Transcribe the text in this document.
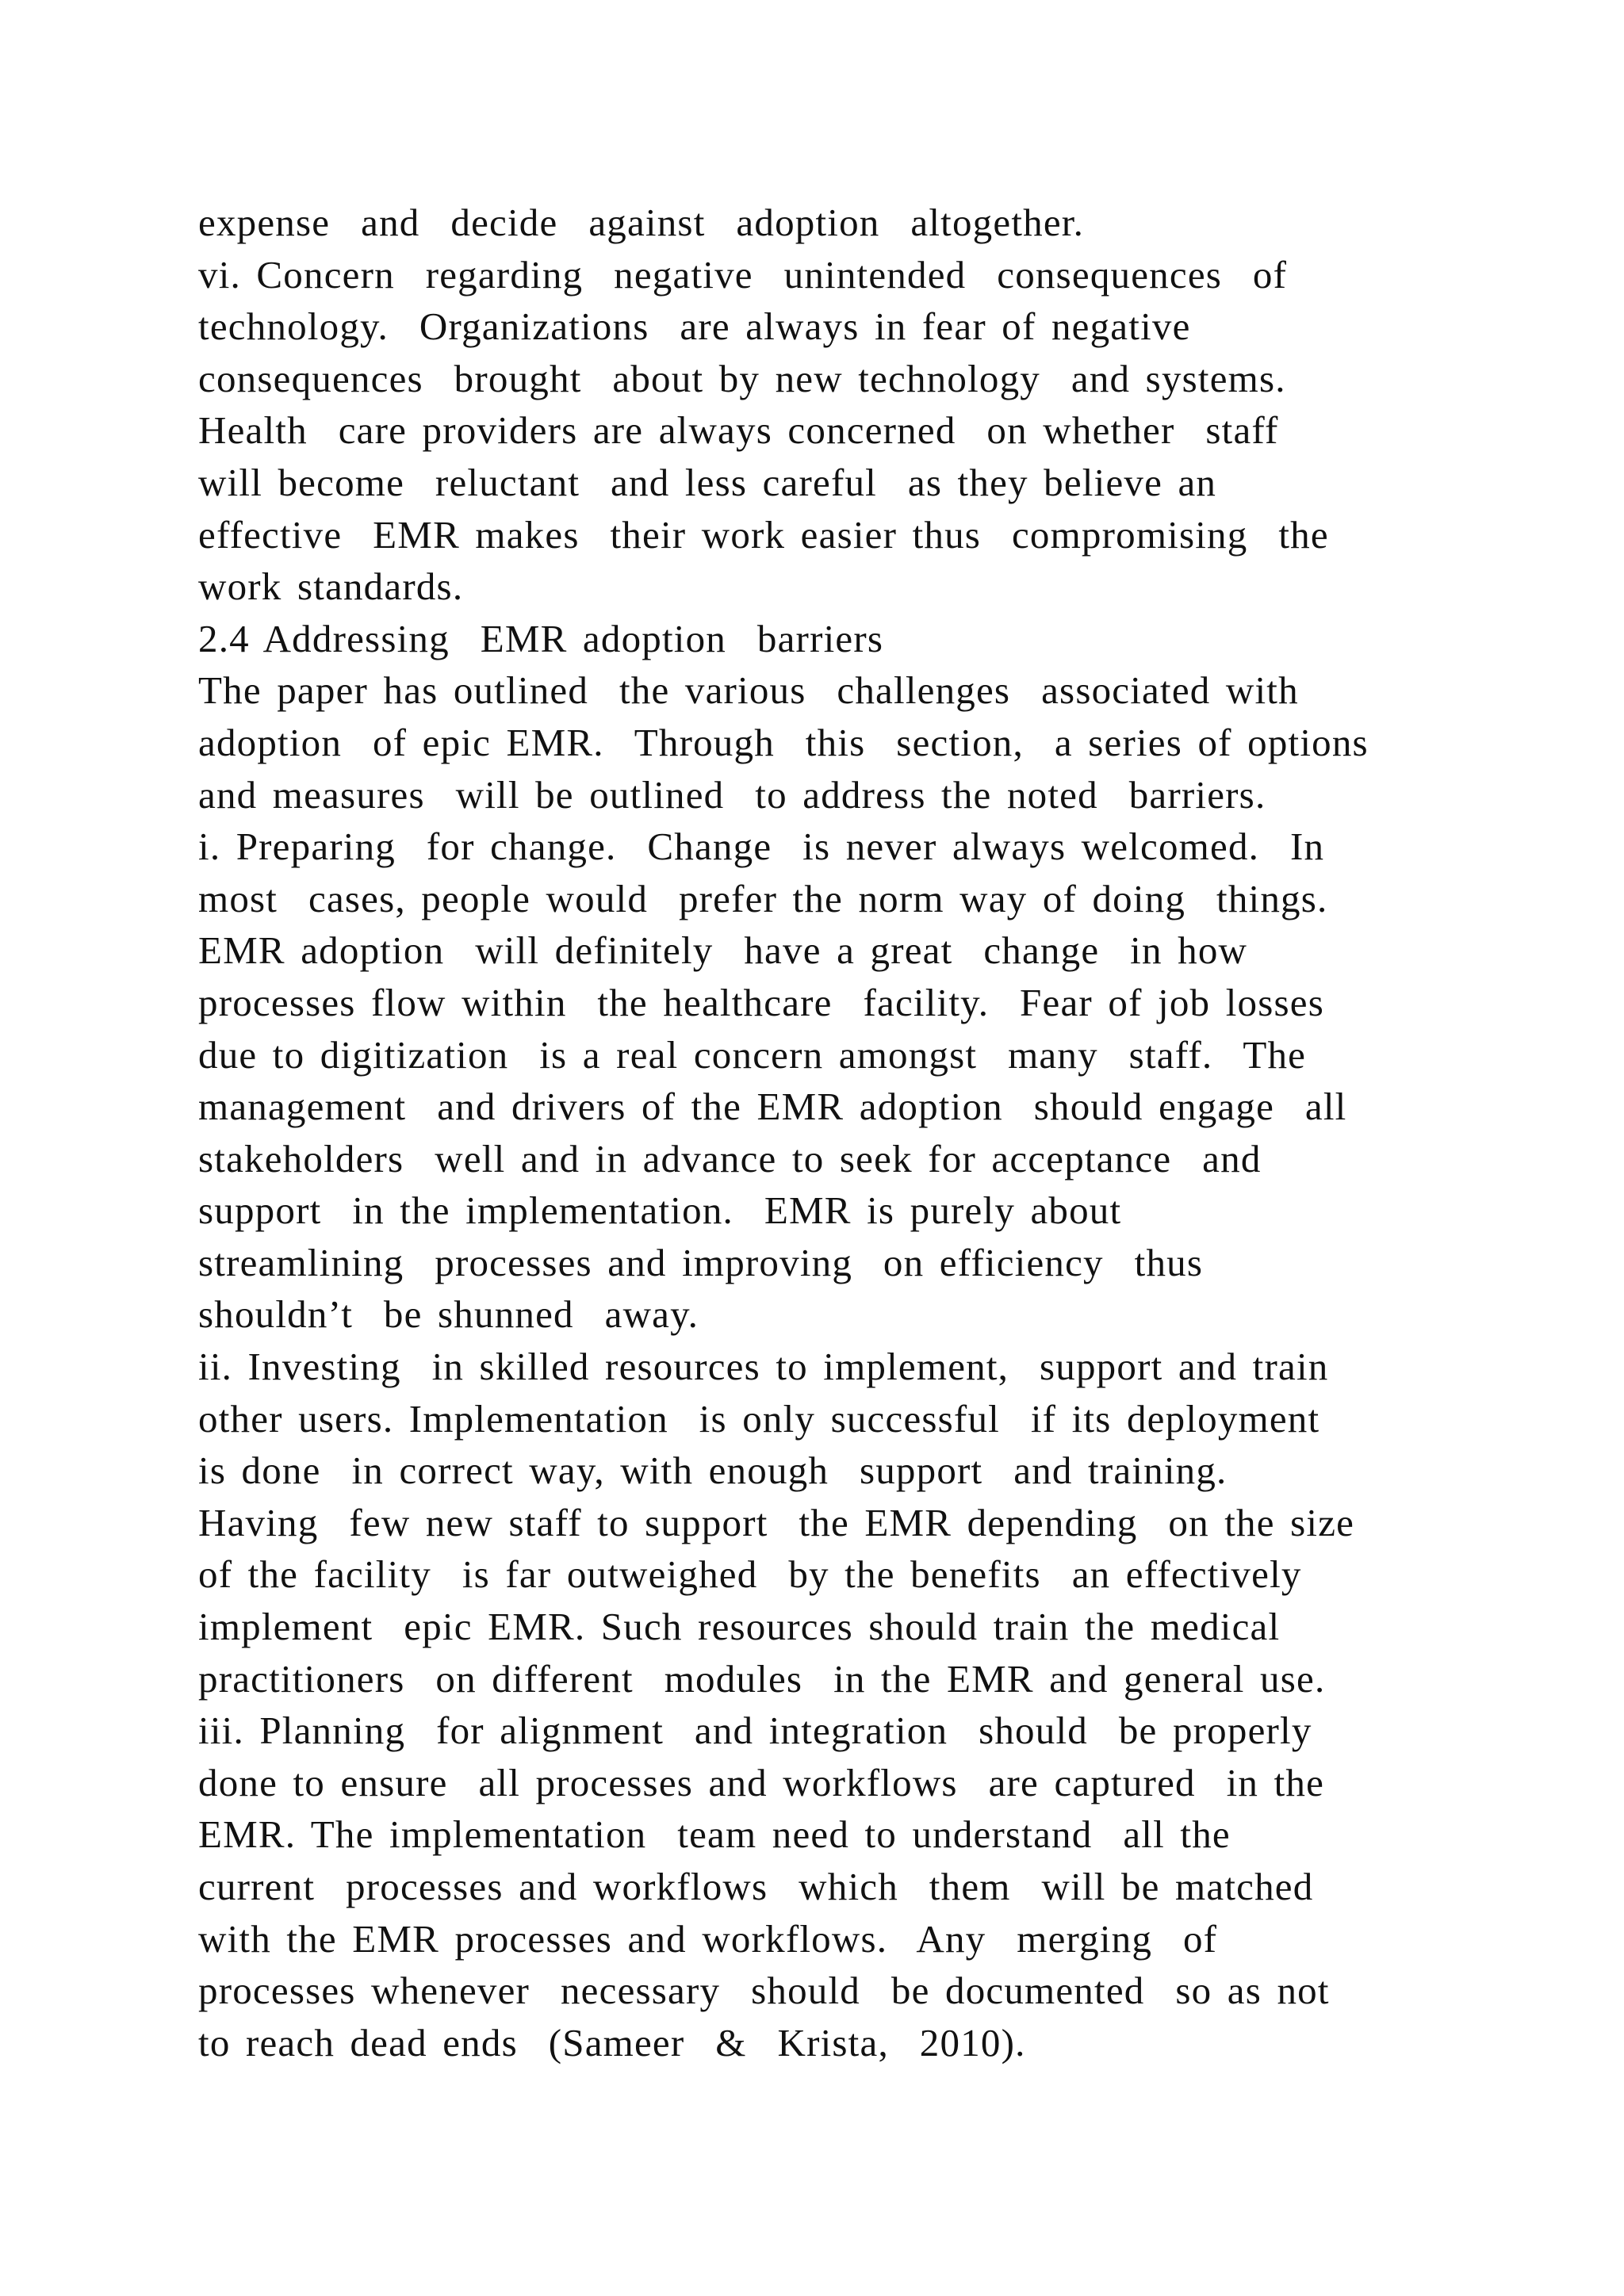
expense  and  decide  against  adoption  altogether.
vi. Concern  regarding  negative  unintended  consequences  of
technology.  Organizations  are always in fear of negative
consequences  brought  about by new technology  and systems.
Health  care providers are always concerned  on whether  staff
will become  reluctant  and less careful  as they believe an
effective  EMR makes  their work easier thus  compromising  the
work standards.
2.4 Addressing  EMR adoption  barriers
The paper has outlined  the various  challenges  associated with
adoption  of epic EMR.  Through  this  section,  a series of options
and measures  will be outlined  to address the noted  barriers.
i. Preparing  for change.  Change  is never always welcomed.  In
most  cases, people would  prefer the norm way of doing  things.
EMR adoption  will definitely  have a great  change  in how
processes flow within  the healthcare  facility.  Fear of job losses
due to digitization  is a real concern amongst  many  staff.  The
management  and drivers of the EMR adoption  should engage  all
stakeholders  well and in advance to seek for acceptance  and
support  in the implementation.  EMR is purely about
streamlining  processes and improving  on efficiency  thus
shouldn’t  be shunned  away.
ii. Investing  in skilled resources to implement,  support and train
other users. Implementation  is only successful  if its deployment
is done  in correct way, with enough  support  and training.
Having  few new staff to support  the EMR depending  on the size
of the facility  is far outweighed  by the benefits  an effectively
implement  epic EMR. Such resources should train the medical
practitioners  on different  modules  in the EMR and general use.
iii. Planning  for alignment  and integration  should  be properly
done to ensure  all processes and workflows  are captured  in the
EMR. The implementation  team need to understand  all the
current  processes and workflows  which  them  will be matched
with the EMR processes and workflows.  Any  merging  of
processes whenever  necessary  should  be documented  so as not
to reach dead ends  (Sameer  &  Krista,  2010).
